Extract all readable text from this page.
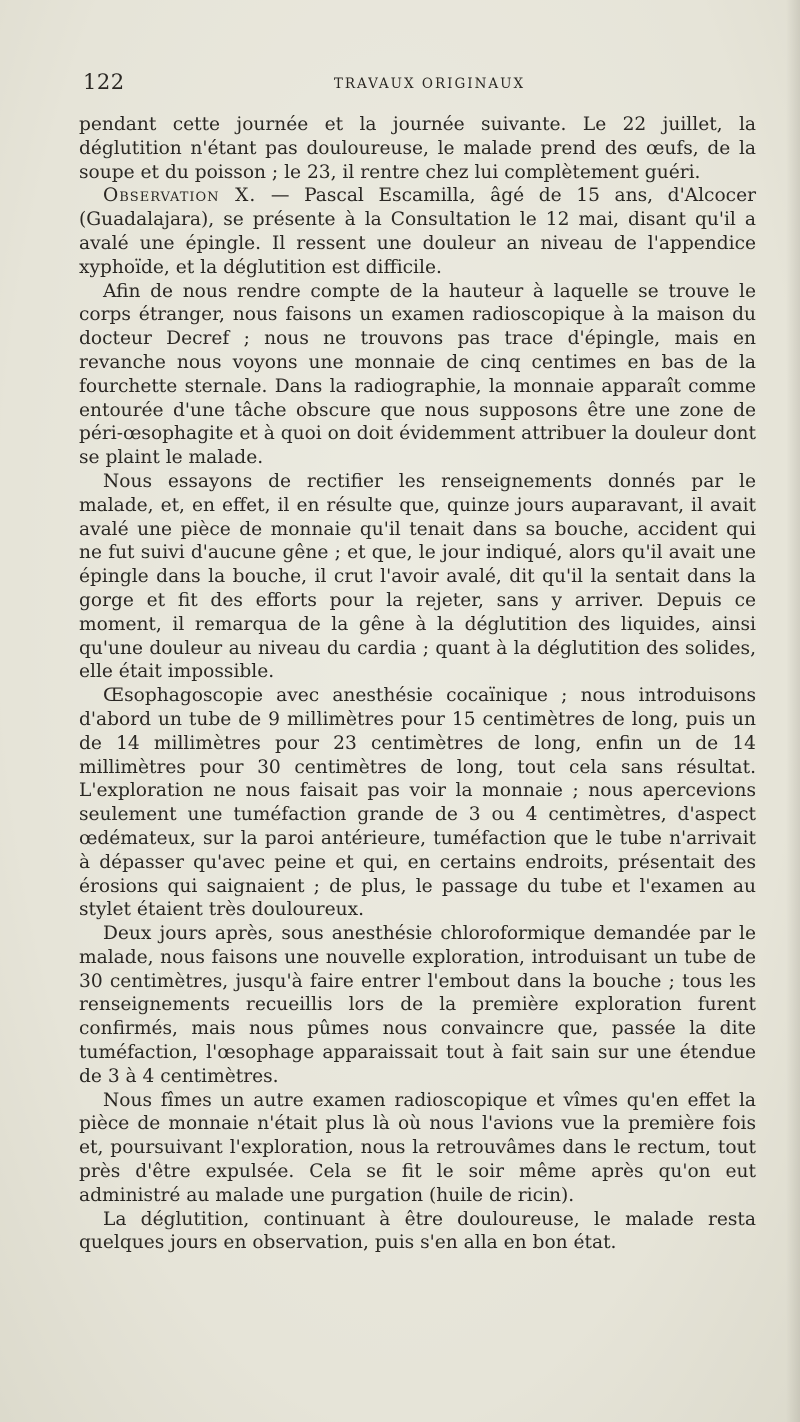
122	TRAVAUX ORIGINAUX

pendant cette journée et la journée suivante. Le 22 juillet, la déglutition n'étant pas douloureuse, le malade prend des œufs, de la soupe et du poisson ; le 23, il rentre chez lui complètement guéri.

Observation X. — Pascal Escamilla, âgé de 15 ans, d'Alcocer (Guadalajara), se présente à la Consultation le 12 mai, disant qu'il a avalé une épingle. Il ressent une douleur an niveau de l'appendice xyphoïde, et la déglutition est difficile.

Afin de nous rendre compte de la hauteur à laquelle se trouve le corps étranger, nous faisons un examen radioscopique à la maison du docteur Decref ; nous ne trouvons pas trace d'épingle, mais en revanche nous voyons une monnaie de cinq centimes en bas de la fourchette sternale. Dans la radiographie, la monnaie apparaît comme entourée d'une tâche obscure que nous supposons être une zone de péri-œsophagite et à quoi on doit évidemment attribuer la douleur dont se plaint le malade.

Nous essayons de rectifier les renseignements donnés par le malade, et, en effet, il en résulte que, quinze jours auparavant, il avait avalé une pièce de monnaie qu'il tenait dans sa bouche, accident qui ne fut suivi d'aucune gêne ; et que, le jour indiqué, alors qu'il avait une épingle dans la bouche, il crut l'avoir avalé, dit qu'il la sentait dans la gorge et fit des efforts pour la rejeter, sans y arriver. Depuis ce moment, il remarqua de la gêne à la déglutition des liquides, ainsi qu'une douleur au niveau du cardia ; quant à la déglutition des solides, elle était impossible.

Œsophagoscopie avec anesthésie cocaïnique ; nous introduisons d'abord un tube de 9 millimètres pour 15 centimètres de long, puis un de 14 millimètres pour 23 centimètres de long, enfin un de 14 millimètres pour 30 centimètres de long, tout cela sans résultat. L'exploration ne nous faisait pas voir la monnaie ; nous apercevions seulement une tuméfaction grande de 3 ou 4 centimètres, d'aspect œdémateux, sur la paroi antérieure, tuméfaction que le tube n'arrivait à dépasser qu'avec peine et qui, en certains endroits, présentait des érosions qui saignaient ; de plus, le passage du tube et l'examen au stylet étaient très douloureux.

Deux jours après, sous anesthésie chloroformique demandée par le malade, nous faisons une nouvelle exploration, introduisant un tube de 30 centimètres, jusqu'à faire entrer l'embout dans la bouche ; tous les renseignements recueillis lors de la première exploration furent confirmés, mais nous pûmes nous convaincre que, passée la dite tuméfaction, l'œsophage apparaissait tout à fait sain sur une étendue de 3 à 4 centimètres.

Nous fîmes un autre examen radioscopique et vîmes qu'en effet la pièce de monnaie n'était plus là où nous l'avions vue la première fois et, poursuivant l'exploration, nous la retrouvâmes dans le rectum, tout près d'être expulsée. Cela se fit le soir même après qu'on eut administré au malade une purgation (huile de ricin).

La déglutition, continuant à être douloureuse, le malade resta quelques jours en observation, puis s'en alla en bon état.
